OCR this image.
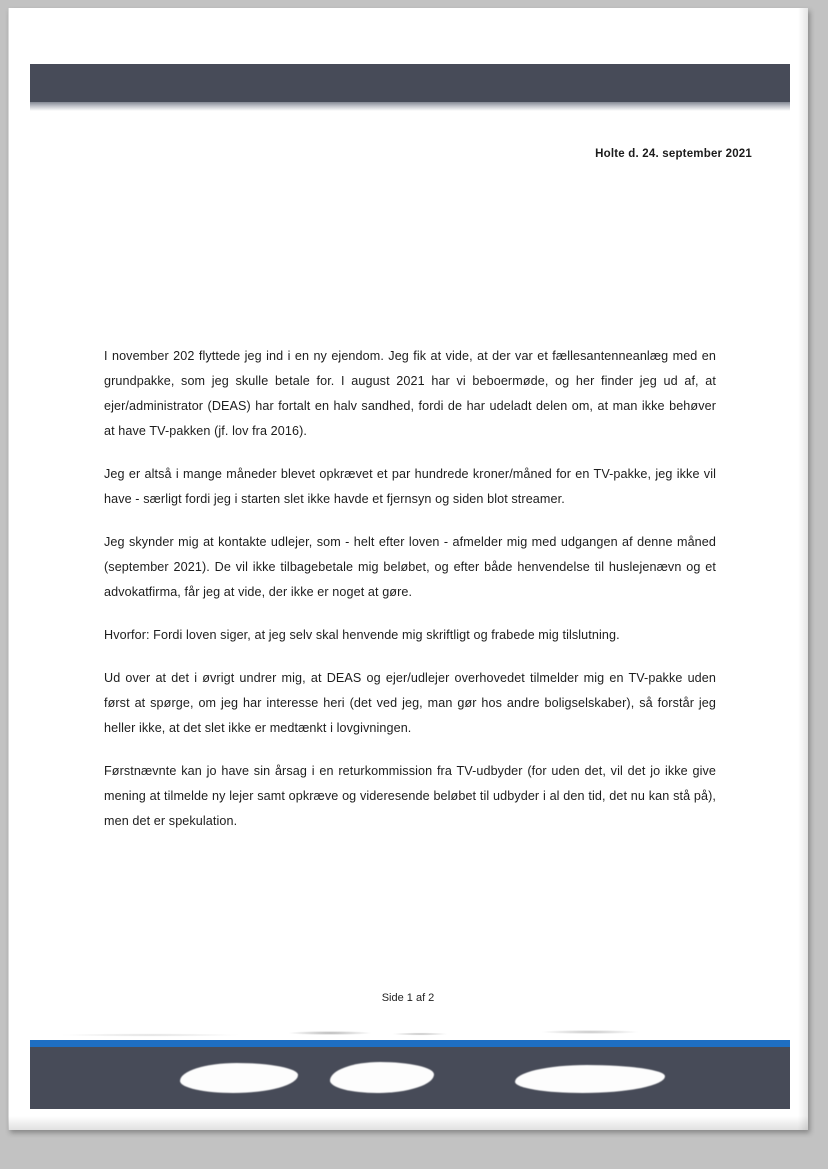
Holte d. 24. september 2021

I november 202 flyttede jeg ind i en ny ejendom. Jeg fik at vide, at der var et fællesantenneanlæg med en grundpakke, som jeg skulle betale for. I august 2021 har vi beboermøde, og her finder jeg ud af, at ejer/administrator (DEAS) har fortalt en halv sandhed, fordi de har udeladt delen om, at man ikke behøver at have TV-pakken (jf. lov fra 2016).

Jeg er altså i mange måneder blevet opkrævet et par hundrede kroner/måned for en TV-pakke, jeg ikke vil have - særligt fordi jeg i starten slet ikke havde et fjernsyn og siden blot streamer.

Jeg skynder mig at kontakte udlejer, som - helt efter loven - afmelder mig med udgangen af denne måned (september 2021). De vil ikke tilbagebetale mig beløbet, og efter både henvendelse til huslejenævn og et advokatfirma, får jeg at vide, der ikke er noget at gøre.

Hvorfor: Fordi loven siger, at jeg selv skal henvende mig skriftligt og frabede mig tilslutning.

Ud over at det i øvrigt undrer mig, at DEAS og ejer/udlejer overhovedet tilmelder mig en TV-pakke uden først at spørge, om jeg har interesse heri (det ved jeg, man gør hos andre boligselskaber), så forstår jeg heller ikke, at det slet ikke er medtænkt i lovgivningen.

Førstnævnte kan jo have sin årsag i en returkommission fra TV-udbyder (for uden det, vil det jo ikke give mening at tilmelde ny lejer samt opkræve og videresende beløbet til udbyder i al den tid, det nu kan stå på), men det er spekulation.

Side 1 af 2
